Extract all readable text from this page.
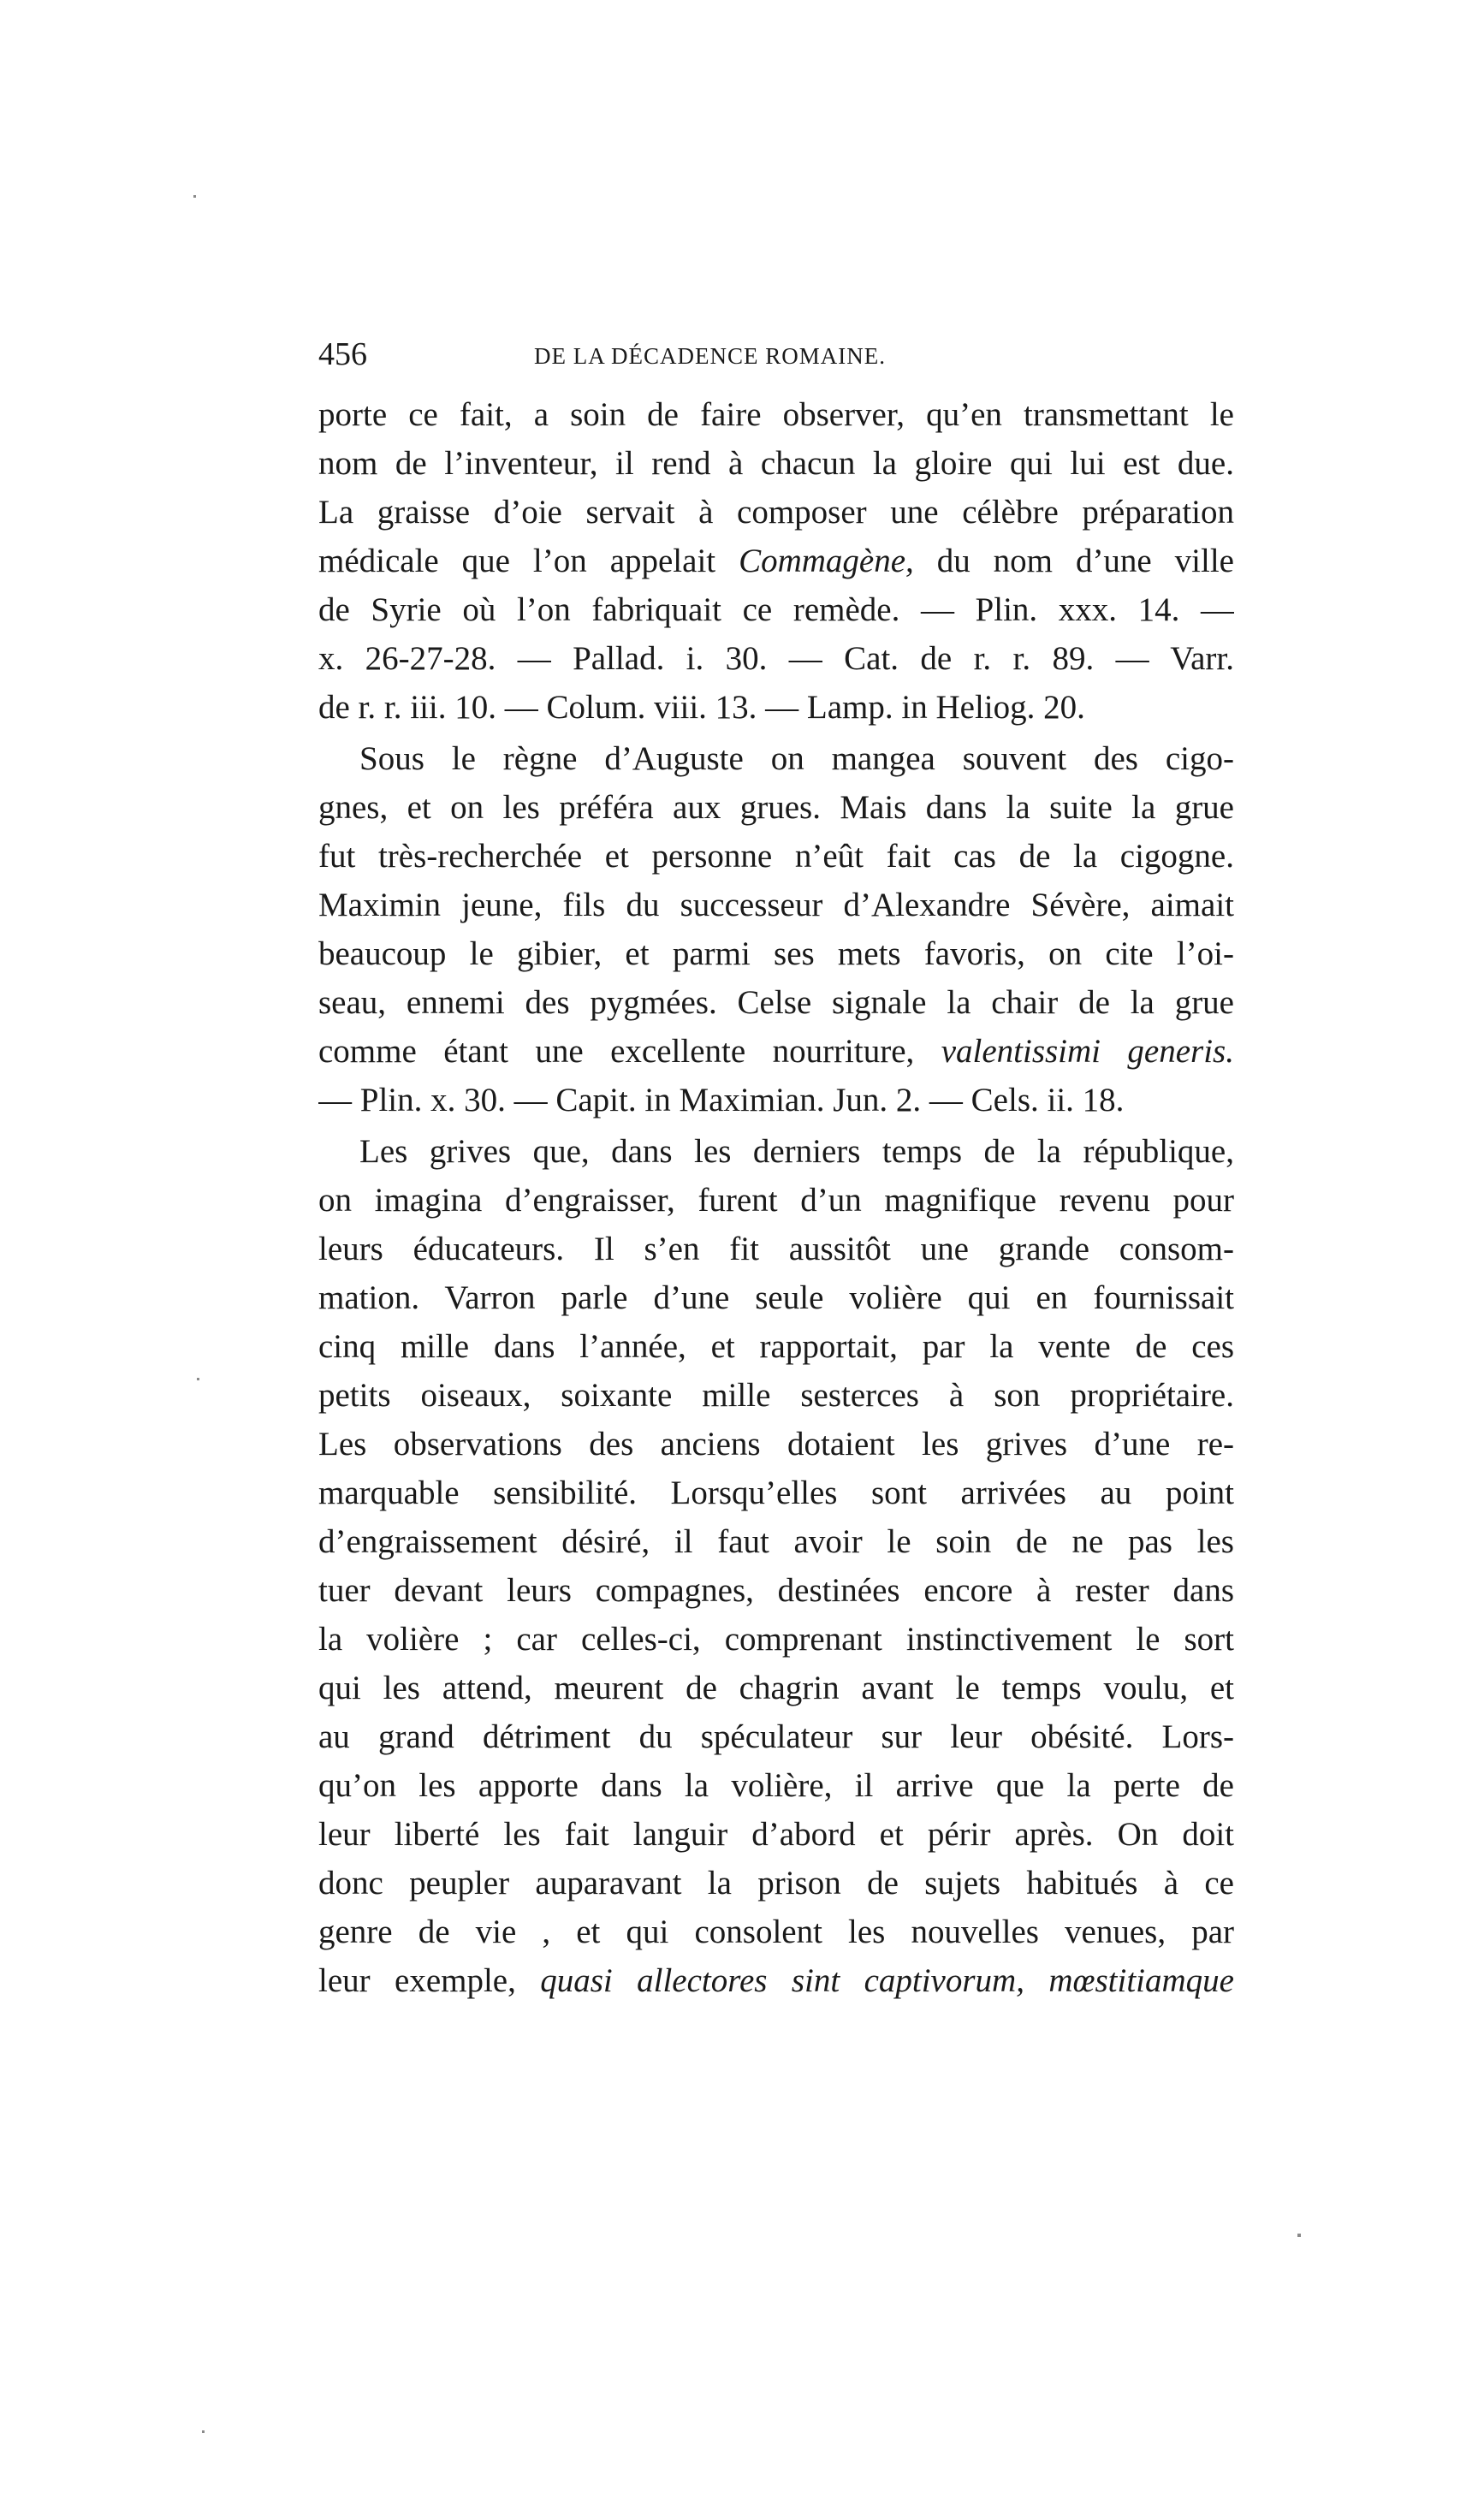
456	DE LA DÉCADENCE ROMAINE.
porte ce fait, a soin de faire observer, qu’en transmettant le
nom de l’inventeur, il rend à chacun la gloire qui lui est due.
La graisse d’oie servait à composer une célèbre préparation
médicale que l’on appelait Commagène, du nom d’une ville
de Syrie où l’on fabriquait ce remède. — Plin. xxx. 14. —
x. 26-27-28. — Pallad. i. 30. — Cat. de r. r. 89. — Varr.
de r. r. iii. 10. — Colum. viii. 13. — Lamp. in Heliog. 20.
Sous le règne d’Auguste on mangea souvent des cigo-
gnes, et on les préféra aux grues. Mais dans la suite la grue
fut très-recherchée et personne n’eût fait cas de la cigogne.
Maximin jeune, fils du successeur d’Alexandre Sévère, aimait
beaucoup le gibier, et parmi ses mets favoris, on cite l’oi-
seau, ennemi des pygmées. Celse signale la chair de la grue
comme étant une excellente nourriture, valentissimi generis.
— Plin. x. 30. — Capit. in Maximian. Jun. 2. — Cels. ii. 18.
Les grives que, dans les derniers temps de la république,
on imagina d’engraisser, furent d’un magnifique revenu pour
leurs éducateurs. Il s’en fit aussitôt une grande consom-
mation. Varron parle d’une seule volière qui en fournissait
cinq mille dans l’année, et rapportait, par la vente de ces
petits oiseaux, soixante mille sesterces à son propriétaire.
Les observations des anciens dotaient les grives d’une re-
marquable sensibilité. Lorsqu’elles sont arrivées au point
d’engraissement désiré, il faut avoir le soin de ne pas les
tuer devant leurs compagnes, destinées encore à rester dans
la volière ; car celles-ci, comprenant instinctivement le sort
qui les attend, meurent de chagrin avant le temps voulu, et
au grand détriment du spéculateur sur leur obésité. Lors-
qu’on les apporte dans la volière, il arrive que la perte de
leur liberté les fait languir d’abord et périr après. On doit
donc peupler auparavant la prison de sujets habitués à ce
genre de vie , et qui consolent les nouvelles venues, par
leur exemple, quasi allectores sint captivorum, mœstitiamque
